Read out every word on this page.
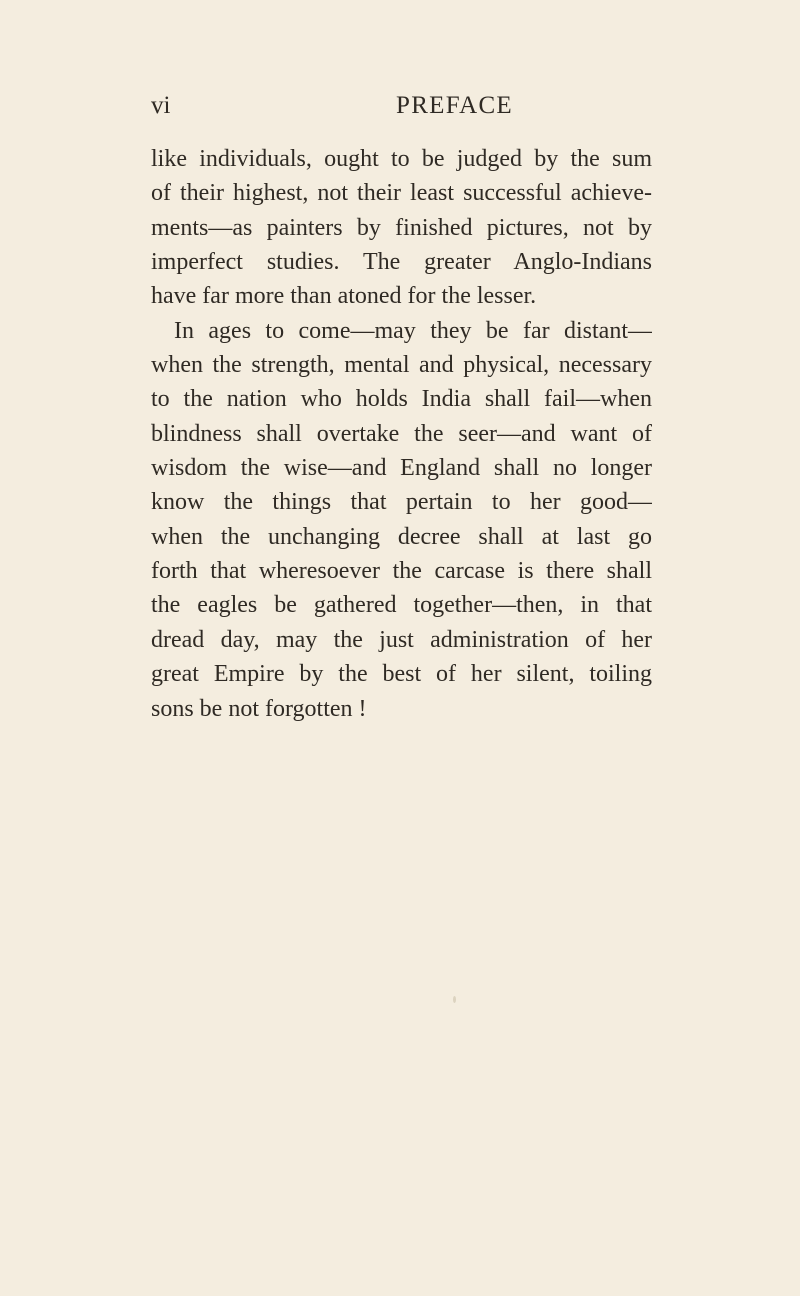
vi	PREFACE
like individuals, ought to be judged by the sum
of their highest, not their least successful achieve-
ments—as painters by finished pictures, not by
imperfect studies. The greater Anglo-Indians
have far more than atoned for the lesser.
In ages to come—may they be far distant—
when the strength, mental and physical, necessary
to the nation who holds India shall fail—when
blindness shall overtake the seer—and want of
wisdom the wise—and England shall no longer
know the things that pertain to her good—
when the unchanging decree shall at last go
forth that wheresoever the carcase is there shall
the eagles be gathered together—then, in that
dread day, may the just administration of her
great Empire by the best of her silent, toiling
sons be not forgotten !
